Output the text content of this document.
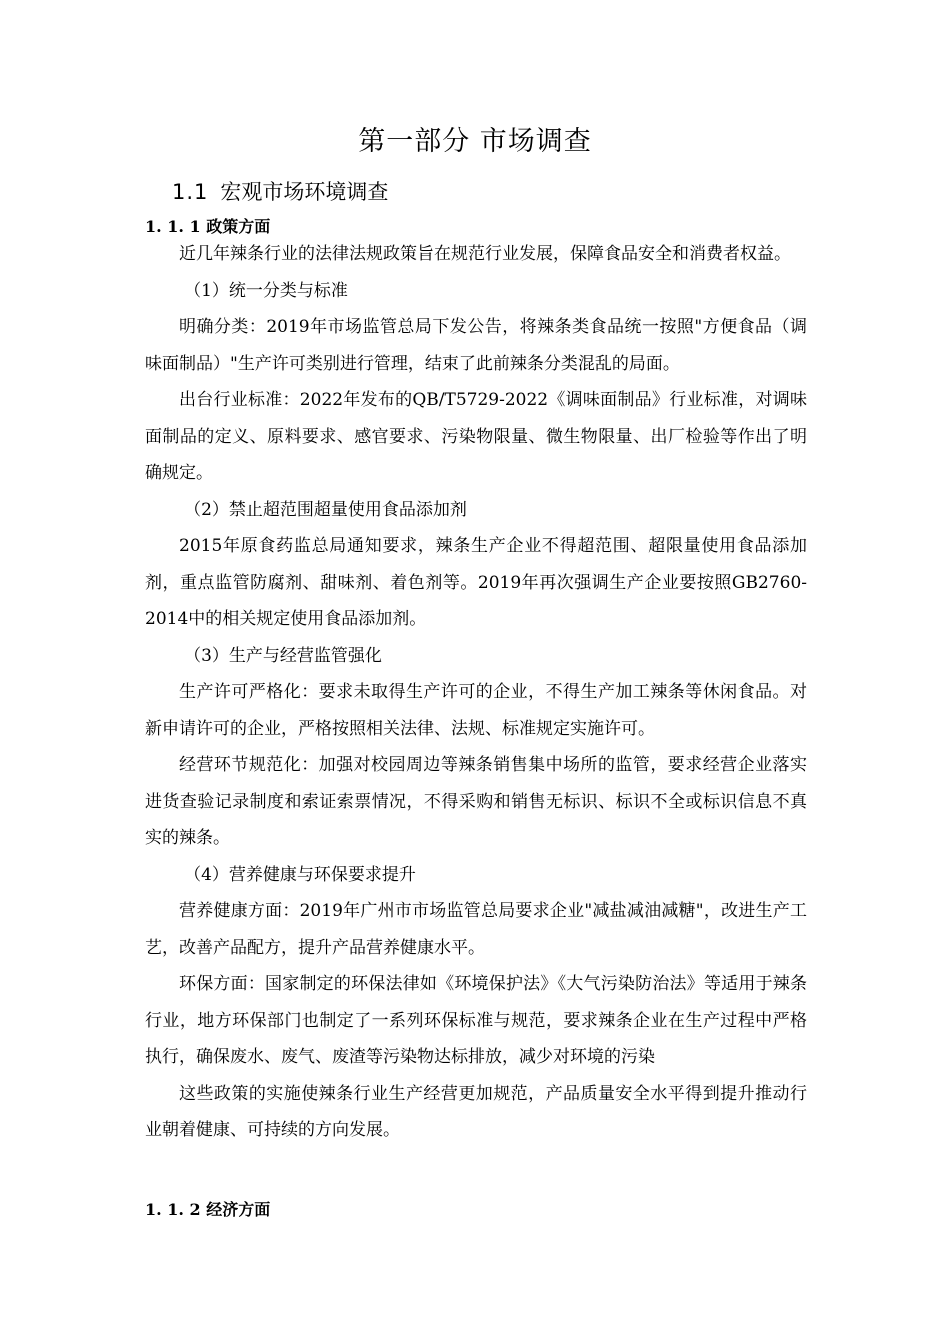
第一部分 市场调查
1.1 宏观市场环境调查
1. 1. 1 政策方面

近几年辣条行业的法律法规政策旨在规范行业发展，保障食品安全和消费者权益。

（1）统一分类与标准

明确分类：2019年市场监管总局下发公告，将辣条类食品统一按照"方便食品（调味面制品）"生产许可类别进行管理，结束了此前辣条分类混乱的局面。

出台行业标准：2022年发布的QB/T5729-2022《调味面制品》行业标准，对调味面制品的定义、原料要求、感官要求、污染物限量、微生物限量、出厂检验等作出了明确规定。

（2）禁止超范围超量使用食品添加剂

2015年原食药监总局通知要求，辣条生产企业不得超范围、超限量使用食品添加剂，重点监管防腐剂、甜味剂、着色剂等。2019年再次强调生产企业要按照GB2760-2014中的相关规定使用食品添加剂。

（3）生产与经营监管强化

生产许可严格化：要求未取得生产许可的企业，不得生产加工辣条等休闲食品。对新申请许可的企业，严格按照相关法律、法规、标准规定实施许可。

经营环节规范化：加强对校园周边等辣条销售集中场所的监管，要求经营企业落实进货查验记录制度和索证索票情况，不得采购和销售无标识、标识不全或标识信息不真实的辣条。

（4）营养健康与环保要求提升

营养健康方面：2019年广州市市场监管总局要求企业"减盐减油减糖"，改进生产工艺，改善产品配方，提升产品营养健康水平。

环保方面：国家制定的环保法律如《环境保护法》《大气污染防治法》等适用于辣条行业，地方环保部门也制定了一系列环保标准与规范，要求辣条企业在生产过程中严格执行，确保废水、废气、废渣等污染物达标排放，减少对环境的污染

这些政策的实施使辣条行业生产经营更加规范，产品质量安全水平得到提升推动行业朝着健康、可持续的方向发展。

1. 1. 2 经济方面
